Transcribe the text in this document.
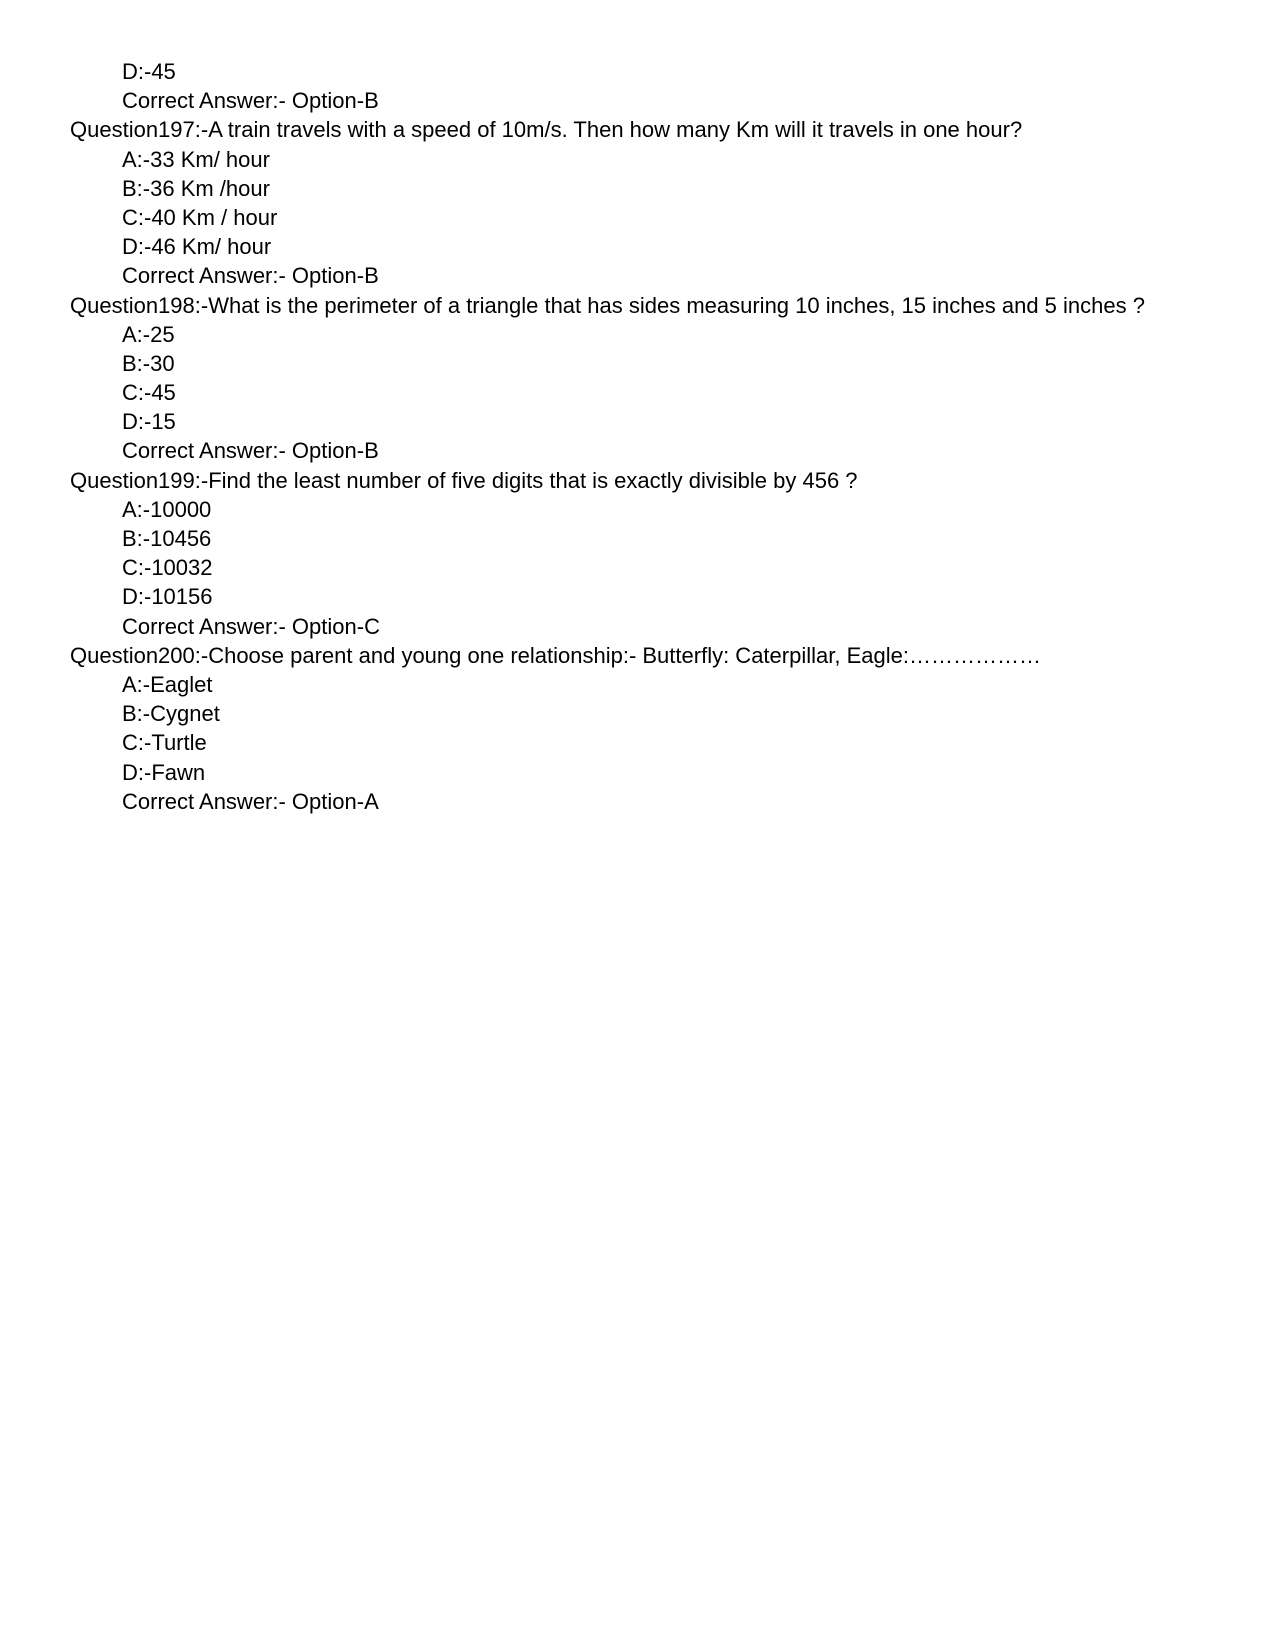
D:-45
Correct Answer:- Option-B
Question197:-A train travels with a speed of 10m/s. Then how many Km will it travels in one hour?
A:-33 Km/ hour
B:-36 Km /hour
C:-40 Km / hour
D:-46 Km/ hour
Correct Answer:- Option-B
Question198:-What is the perimeter of a triangle that has sides measuring 10 inches, 15 inches and 5 inches ?
A:-25
B:-30
C:-45
D:-15
Correct Answer:- Option-B
Question199:-Find the least number of five digits that is exactly divisible by 456 ?
A:-10000
B:-10456
C:-10032
D:-10156
Correct Answer:- Option-C
Question200:-Choose parent and young one relationship:- Butterfly: Caterpillar, Eagle:………………
A:-Eaglet
B:-Cygnet
C:-Turtle
D:-Fawn
Correct Answer:- Option-A
